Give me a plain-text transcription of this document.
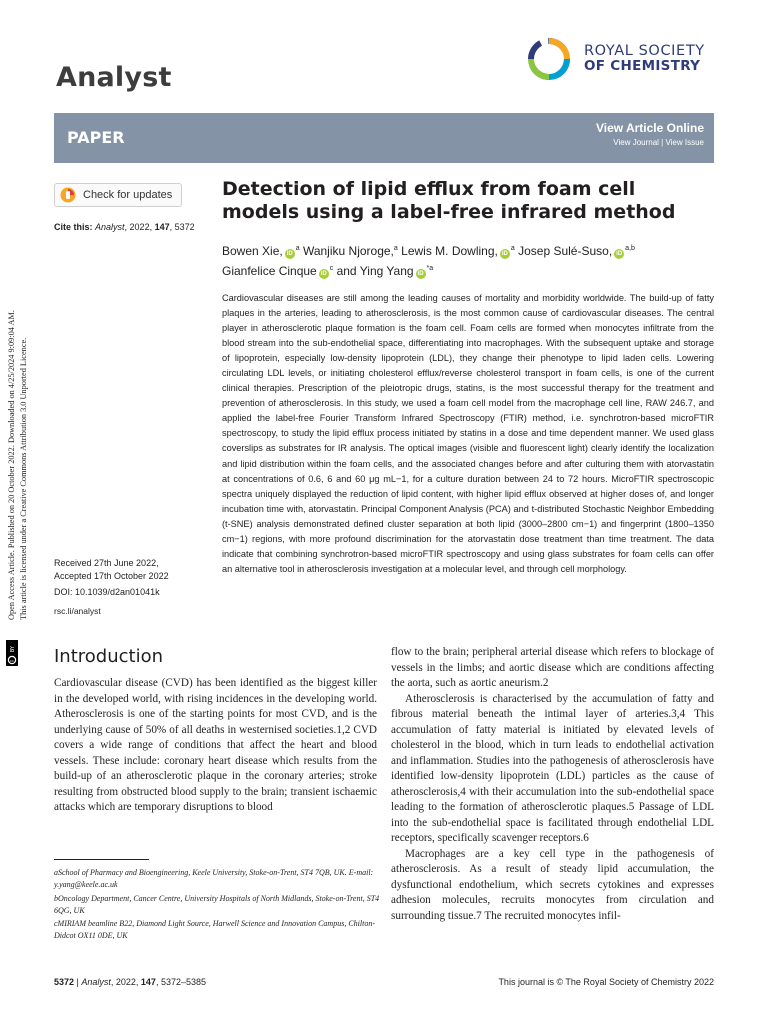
Analyst
ROYAL SOCIETY
OF CHEMISTRY
PAPER	View Article Online
View Journal | View Issue
Check for updates
Cite this: Analyst, 2022, 147, 5372
Detection of lipid efflux from foam cell models using a label-free infrared method
Bowen Xie, $iD^a$ Wanjiku Njoroge,$^a$ Lewis M. Dowling, $iD^a$ Josep Sulé-Suso, iD$^{a,b}$
Gianfelice Cinque $iD^c$ and Ying Yang $iD^{*a}$
Cardiovascular diseases are still among the leading causes of mortality and morbidity worldwide. The build-up of fatty plaques in the arteries, leading to atherosclerosis, is the most common cause of cardiovascular diseases. The central player in atherosclerotic plaque formation is the foam cell. Foam cells are formed when monocytes infiltrate from the blood stream into the sub-endothelial space, differentiating into macrophages. With the subsequent uptake and storage of lipoprotein, especially low-density lipoprotein (LDL), they change their phenotype to lipid laden cells. Lowering circulating LDL levels, or initiating cholesterol efflux/reverse cholesterol transport in foam cells, is one of the current clinical therapies. Prescription of the pleiotropic drugs, statins, is the most successful therapy for the treatment and prevention of atherosclerosis. In this study, we used a foam cell model from the macrophage cell line, RAW 246.7, and applied the label-free Fourier Transform Infrared Spectroscopy (FTIR) method, i.e. synchrotron-based microFTIR spectroscopy, to study the lipid efflux process initiated by statins in a dose and time dependent manner. We used glass coverslips as substrates for IR analysis. The optical images (visible and fluorescent light) clearly identify the localization and lipid distribution within the foam cells, and the associated changes before and after culturing them with atorvastatin at concentrations of 0.6, 6 and 60 μg mL−1, for a culture duration between 24 to 72 hours. MicroFTIR spectroscopic spectra uniquely displayed the reduction of lipid content, with higher lipid efflux observed at higher doses of, and longer incubation time with, atorvastatin. Principal Component Analysis (PCA) and t-distributed Stochastic Neighbor Embedding (t-SNE) analysis demonstrated defined cluster separation at both lipid (3000–2800 cm−1) and fingerprint (1800–1350 cm−1) regions, with more profound discrimination for the atorvastatin dose treatment than time treatment. The data indicate that combining synchrotron-based microFTIR spectroscopy and using glass substrates for foam cells can offer an alternative tool in atherosclerosis investigation at a molecular level, and through cell morphology.
Received 27th June 2022,
Accepted 17th October 2022
DOI: 10.1039/d2an01041k
rsc.li/analyst
Open Access Article. Published on 20 October 2022. Downloaded on 4/25/2024 9:09:04 AM. This article is licensed under a Creative Commons Attribution 3.0 Unported Licence.
cc
BY Introduction

Cardiovascular disease (CVD) has been identified as the biggest killer in the developed world, with rising incidences in the developing world. Atherosclerosis is one of the starting points for most CVD, and is the underlying cause of 50% of all deaths in westernised societies.1,2 CVD covers a wide range of conditions that affect the heart and blood vessels. These include: coronary heart disease which results from the build-up of an atherosclerotic plaque in the coronary arteries; stroke resulting from obstructed blood supply to the brain; transient ischaemic attacks which are temporary disruptions to blood

flow to the brain; peripheral arterial disease which refers to blockage of vessels in the limbs; and aortic disease which are conditions affecting the aorta, such as aortic aneurism.2

Atherosclerosis is characterised by the accumulation of fatty and fibrous material beneath the intimal layer of arteries.3,4 This accumulation of fatty material is initiated by elevated levels of cholesterol in the blood, which in turn leads to endothelial activation and inflammation. Studies into the pathogenesis of atherosclerosis have identified low-density lipoprotein (LDL) particles as the cause of atherosclerosis,4 with their accumulation into the sub-endothelial space leading to the formation of atherosclerotic plaques.5 Passage of LDL into the sub-endothelial space is facilitated through endothelial LDL receptors, specifically scavenger receptors.6

Macrophages are a key cell type in the pathogenesis of atherosclerosis. As a result of steady lipid accumulation, the dysfunctional endothelium, which secrets cytokines and expresses adhesion molecules, recruits monocytes from circulation and surrounding tissue.7 The recruited monocytes infil-

aSchool of Pharmacy and Bioengineering, Keele University, Stoke-on-Trent, ST4 7QB, UK. E-mail: y.yang@keele.ac.uk

bOncology Department, Cancer Centre, University Hospitals of North Midlands, Stoke-on-Trent, ST4 6QG, UK

cMIRIAM beamline B22, Diamond Light Source, Harwell Science and Innovation Campus, Chilton-Didcot OX11 0DE, UK

5372 | Analyst, 2022, 147, 5372–5385	This journal is © The Royal Society of Chemistry 2022
